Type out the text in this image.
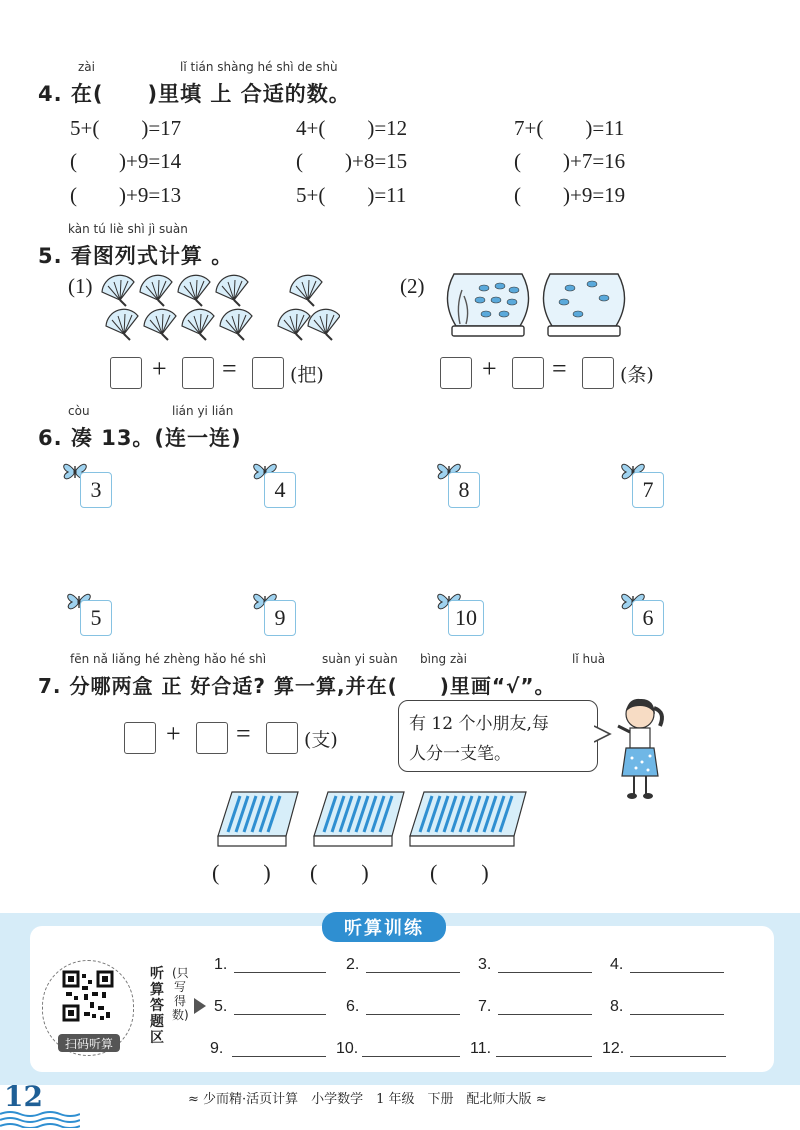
zài	lǐ tián shàng hé shì de shù
4. 在(　　)里填 上 合适的数。
5+(　　)=17	4+(　　)=12	7+(　　)=11
(　　)+9=14	(　　)+8=15	(　　)+7=16
(　　)+9=13	5+(　　)=11	(　　)+9=19
kàn tú liè shì jì suàn
5. 看图列式计算 。
(1)
+ =	(把)
(2)
+ =	(条)
còu	lián yi lián
6. 凑 13。(连一连)
3	4	8	7
5	9	10	6
fēn nǎ liǎng hé zhèng hǎo hé shì	suàn yi suàn bìng zài	lǐ huà
7. 分哪两盒 正 好合适? 算一算,并在(　　)里画“√”。
+ =	(支)
有 12 个小朋友,每
人分一支笔。
(　　) (　　)	(　　)
听算训练
扫码听算
听算答题区
(只写得数)
1.	2.	3.	4.
5.	6.	7.	8.
9.	10.	11.	12.
12	≈ 少而精·活页计算　小学数学　1 年级　下册　配北师大版 ≈
